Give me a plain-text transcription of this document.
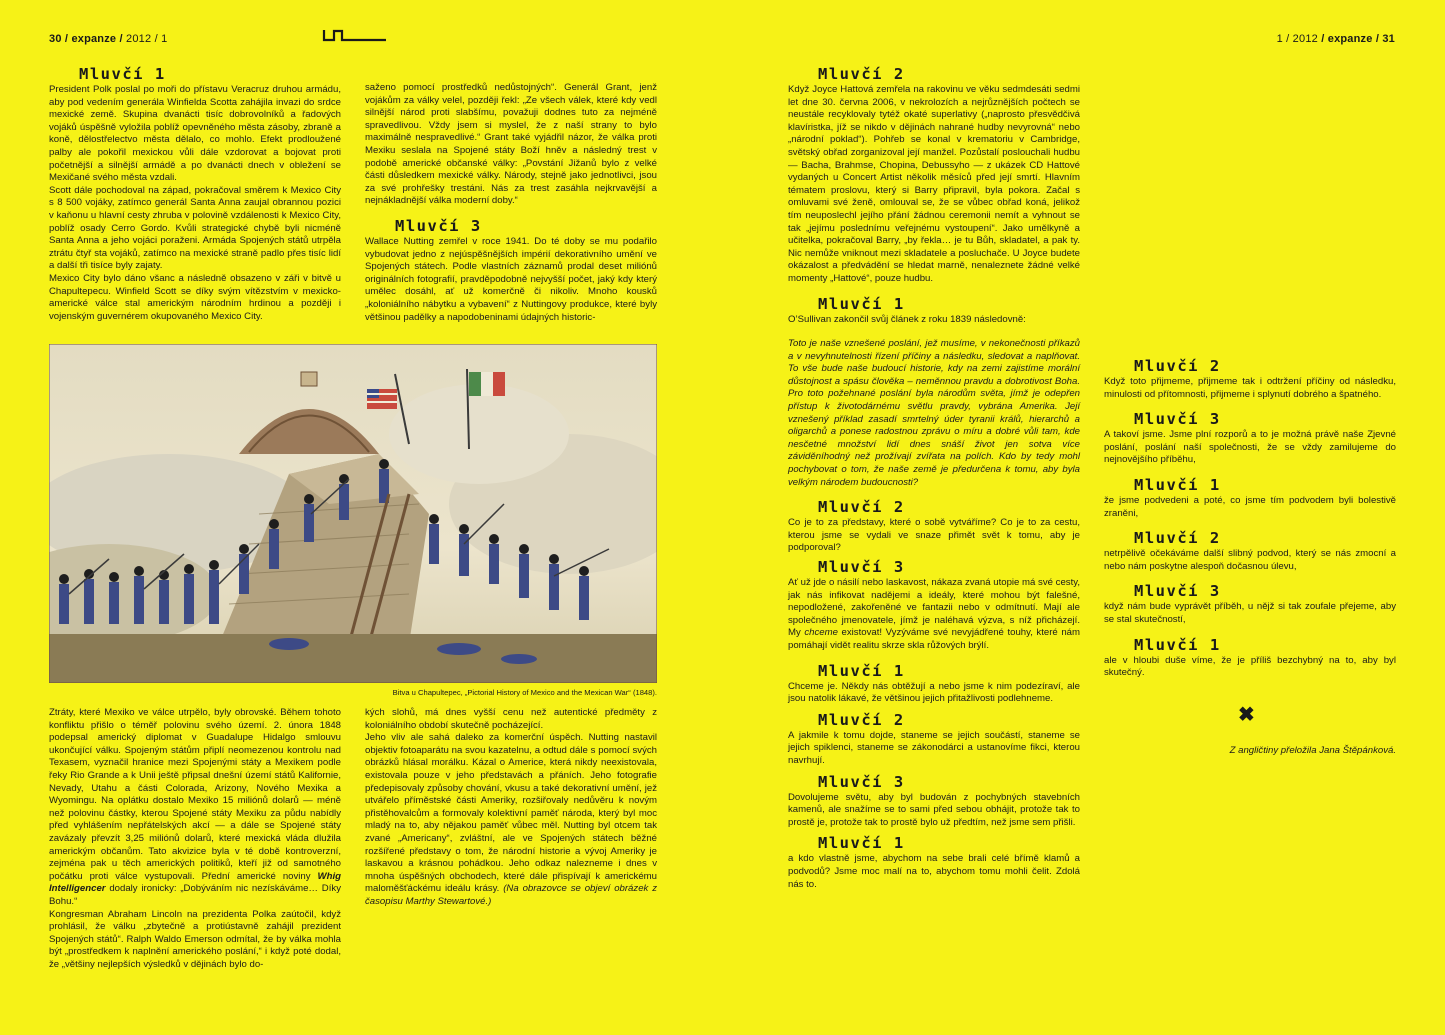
30 / expanze / 2012 / 1	1 / 2012 / expanze / 31
Mluvčí 1

President Polk poslal po moři do přístavu Veracruz druhou armádu, aby pod vedením generála Winfielda Scotta zahájila invazi do srdce mexické země. Skupina dvanácti tisíc dobrovolníků a řadových vojáků úspěšně vyložila poblíž opevněného města zásoby, zbraně a koně, dělostřelectvo města dělalo, co mohlo. Efekt prodloužené palby ale pokořil mexickou vůli dále vzdorovat a bojovat proti početnější a silnější armádě a po dvanácti dnech v obležení se Mexičané svého města vzdali.

Scott dále pochodoval na západ, pokračoval směrem k Mexico City s 8 500 vojáky, zatímco generál Santa Anna zaujal obrannou pozici v kaňonu u hlavní cesty zhruba v polovině vzdálenosti k Mexico City, poblíž osady Cerro Gordo. Kvůli strategické chybě byli nicméně Santa Anna a jeho vojáci poraženi. Armáda Spojených států utrpěla ztrátu čtyř sta vojáků, zatímco na mexické straně padlo přes tisíc lidí a další tři tisíce byly zajaty.

Mexico City bylo dáno všanc a následně obsazeno v záři v bitvě u Chapultepecu. Winfield Scott se díky svým vítězstvím v mexicko-americké válce stal americkým národním hrdinou a později i vojenským guvernérem okupovaného Mexico City.

saženo pomocí prostředků nedůstojných“. Generál Grant, jenž vojákům za války velel, později řekl: „Ze všech válek, které kdy vedl silnější národ proti slabšímu, považuji dodnes tuto za nejméně spravedlivou. Vždy jsem si myslel, že z naší strany to bylo maximálně nespravedlivé.“ Grant také vyjádřil názor, že válka proti Mexiku seslala na Spojené státy Boží hněv a následný trest v podobě americké občanské války: „Povstání Jižanů bylo z velké části důsledkem mexické války. Národy, stejně jako jednotlivci, jsou za své prohřešky trestáni. Nás za trest zasáhla nejkrvavější a nejnákladnější válka moderní doby.“

Mluvčí 3

Wallace Nutting zemřel v roce 1941. Do té doby se mu podařilo vybudovat jedno z nejúspěšnějších impérií dekorativního umění ve Spojených státech. Podle vlastních záznamů prodal deset miliónů originálních fotografií, pravděpodobně nejvyšší počet, jaký kdy který umělec dosáhl, ať už komerčně či nikoliv. Mnoho kousků „koloniálního nábytku a vybavení“ z Nuttingovy produkce, které byly většinou padělky a napodobeninami údajných historic-

Bitva u Chapultepec, „Pictorial History of Mexico and the Mexican War“ (1848).

Ztráty, které Mexiko ve válce utrpělo, byly obrovské. Během tohoto konfliktu přišlo o téměř polovinu svého území. 2. února 1848 podepsal americký diplomat v Guadalupe Hidalgo smlouvu ukončující válku. Spojeným státům připlí neomezenou kontrolu nad Texasem, vyznačil hranice mezi Spojenými státy a Mexikem podle řeky Rio Grande a k Unii ještě připsal dnešní území států Kalifornie, Nevady, Utahu a části Colorada, Arizony, Nového Mexika a Wyomingu. Na oplátku dostalo Mexiko 15 miliónů dolarů — méně než polovinu částky, kterou Spojené státy Mexiku za půdu nabídly před vyhlášením nepřátelských akcí — a dále se Spojené státy zavázaly převzít 3,25 miliónů dolarů, které mexická vláda dlužila americkým občanům. Tato akvizice byla v té době kontroverzní, zejména pak u těch amerických politiků, kteří již od samotného počátku proti válce vystupovali. Přední americké noviny Whig Intelligencer dodaly ironicky: „Dobýváním nic nezískáváme… Díky Bohu.“

Kongresman Abraham Lincoln na prezidenta Polka zaútočil, když prohlásil, že válku „zbytečně a protiústavně zahájil prezident Spojených států“. Ralph Waldo Emerson odmítal, že by válka mohla být „prostředkem k naplnění amerického poslání,“ i když poté dodal, že „většiny nejlepších výsledků v dějinách bylo do-

kých slohů, má dnes vyšší cenu než autentické předměty z koloniálního období skutečně pocházející.

Jeho vliv ale sahá daleko za komerční úspěch. Nutting nastavil objektiv fotoaparátu na svou kazatelnu, a odtud dále s pomocí svých obrázků hlásal morálku. Kázal o Americe, která nikdy neexistovala, existovala pouze v jeho představách a přáních. Jeho fotografie předepisovaly způsoby chování, vkusu a také dekorativní umění, jež utvářelo příměstské části Ameriky, rozšiřovaly nedůvěru k novým přistěhovalcům a formovaly kolektivní paměť národa, který byl moc mladý na to, aby nějakou paměť vůbec měl. Nutting byl otcem tak zvané „Americany“, zvláštní, ale ve Spojených státech běžné rozšířené představy o tom, že národní historie a vývoj Ameriky je laskavou a krásnou pohádkou. Jeho odkaz nalezneme i dnes v mnoha úspěšných obchodech, které dále přispívají k americkému maloměšťáckému ideálu krásy. (Na obrazovce se objeví obrázek z časopisu Marthy Stewartové.)

Mluvčí 2

Když Joyce Hattová zemřela na rakovinu ve věku sedmdesáti sedmi let dne 30. června 2006, v nekrolozích a nejrůznějších počtech se neustále recyklovaly tytéž okaté superlativy („naprosto přesvědčivá klavíristka, jíž se nikdo v dějinách nahrané hudby nevyrovná“ nebo „národní poklad“). Pohřeb se konal v krematoriu v Cambridge, světský obřad zorganizoval její manžel. Pozůstalí poslouchali hudbu — Bacha, Brahmse, Chopina, Debussyho — z ukázek CD Hattové vydaných u Concert Artist několik měsíců před její smrtí. Hlavním tématem proslovu, který si Barry připravil, byla pokora. Začal s omluvami své ženě, omlouval se, že se vůbec obřad koná, jelikož tím neuposlechl jejího přání žádnou ceremonii nemít a vyhnout se tak „jejímu poslednímu veřejnému vystoupení“. Jako umělkyně a učitelka, pokračoval Barry, „by řekla… je tu Bůh, skladatel, a pak ty. Nic nemůže vniknout mezi skladatele a posluchače. U Joyce budete okázalost a předvádění se hledat marně, nenaleznete žádné velké momenty „Hattové“, pouze hudbu.

Mluvčí 1

O’Sullivan zakončil svůj článek z roku 1839 následovně:

Toto je naše vznešené poslání, jež musíme, v nekonečnosti příkazů a v nevyhnutelnosti řízení příčiny a následku, sledovat a naplňovat. To vše bude naše budoucí historie, kdy na zemi zajistíme morální důstojnost a spásu člověka – neměnnou pravdu a dobrotivost Boha. Pro toto požehnané poslání byla národům světa, jímž je odepřen přístup k životodárnému světlu pravdy, vybrána Amerika. Její vznešený příklad zasadí smrtelný úder tyranii králů, hierarchů a oligarchů a ponese radostnou zprávu o míru a dobré vůli tam, kde nesčetné množství lidí dnes snáší život jen sotva více záviděníhodný než prožívají zvířata na polích. Kdo by tedy mohl pochybovat o tom, že naše země je předurčena k tomu, aby byla velkým národem budoucnosti?

Mluvčí 2

Co je to za představy, které o sobě vytváříme? Co je to za cestu, kterou jsme se vydali ve snaze přimět svět k tomu, aby je podporoval?

Mluvčí 3

Ať už jde o násilí nebo laskavost, nákaza zvaná utopie má své cesty, jak nás infikovat nadějemi a ideály, které mohou být falešné, nepodložené, zakořeněné ve fantazii nebo v odmítnutí. Mají ale společného jmenovatele, jímž je naléhavá výzva, s níž přicházejí. My chceme existovat! Vyzýváme své nevyjádřené touhy, které nám pomáhají vidět realitu skrze skla růžových brýlí.

Mluvčí 1

Chceme je. Někdy nás obtěžují a nebo jsme k nim podezíraví, ale jsou natolik lákavé, že většinou jejich přitažlivosti podlehneme.

Mluvčí 2

A jakmile k tomu dojde, staneme se jejich součástí, staneme se jejich spiklenci, staneme se zákonodárci a ustanovíme fikci, kterou navrhují.

Mluvčí 3

Dovolujeme světu, aby byl budován z pochybných stavebních kamenů, ale snažíme se to sami před sebou obhájit, protože tak to prostě je, protože tak to prostě bylo už předtím, než jsme sem přišli.

Mluvčí 1

a kdo vlastně jsme, abychom na sebe brali celé břímě klamů a podvodů? Jsme moc malí na to, abychom tomu mohli čelit. Zdolá nás to.

Mluvčí 2

Když toto přijmeme, přijmeme tak i odtržení příčiny od následku, minulosti od přítomnosti, přijmeme i splynutí dobrého a špatného.

Mluvčí 3

A takoví jsme. Jsme plní rozporů a to je možná právě naše Zjevné poslání, poslání naší společnosti, že se vždy zamilujeme do nejnovějšího příběhu,

Mluvčí 1

že jsme podvedeni a poté, co jsme tím podvodem byli bolestivě zraněni,

Mluvčí 2

netrpělivě očekáváme další slibný podvod, který se nás zmocní a nebo nám poskytne alespoň dočasnou úlevu,

Mluvčí 3

když nám bude vyprávět příběh, u nějž si tak zoufale přejeme, aby se stal skutečností,

Mluvčí 1

ale v hloubi duše víme, že je příliš bezchybný na to, aby byl skutečný.

✖
Z angličtiny přeložila Jana Štěpánková.
